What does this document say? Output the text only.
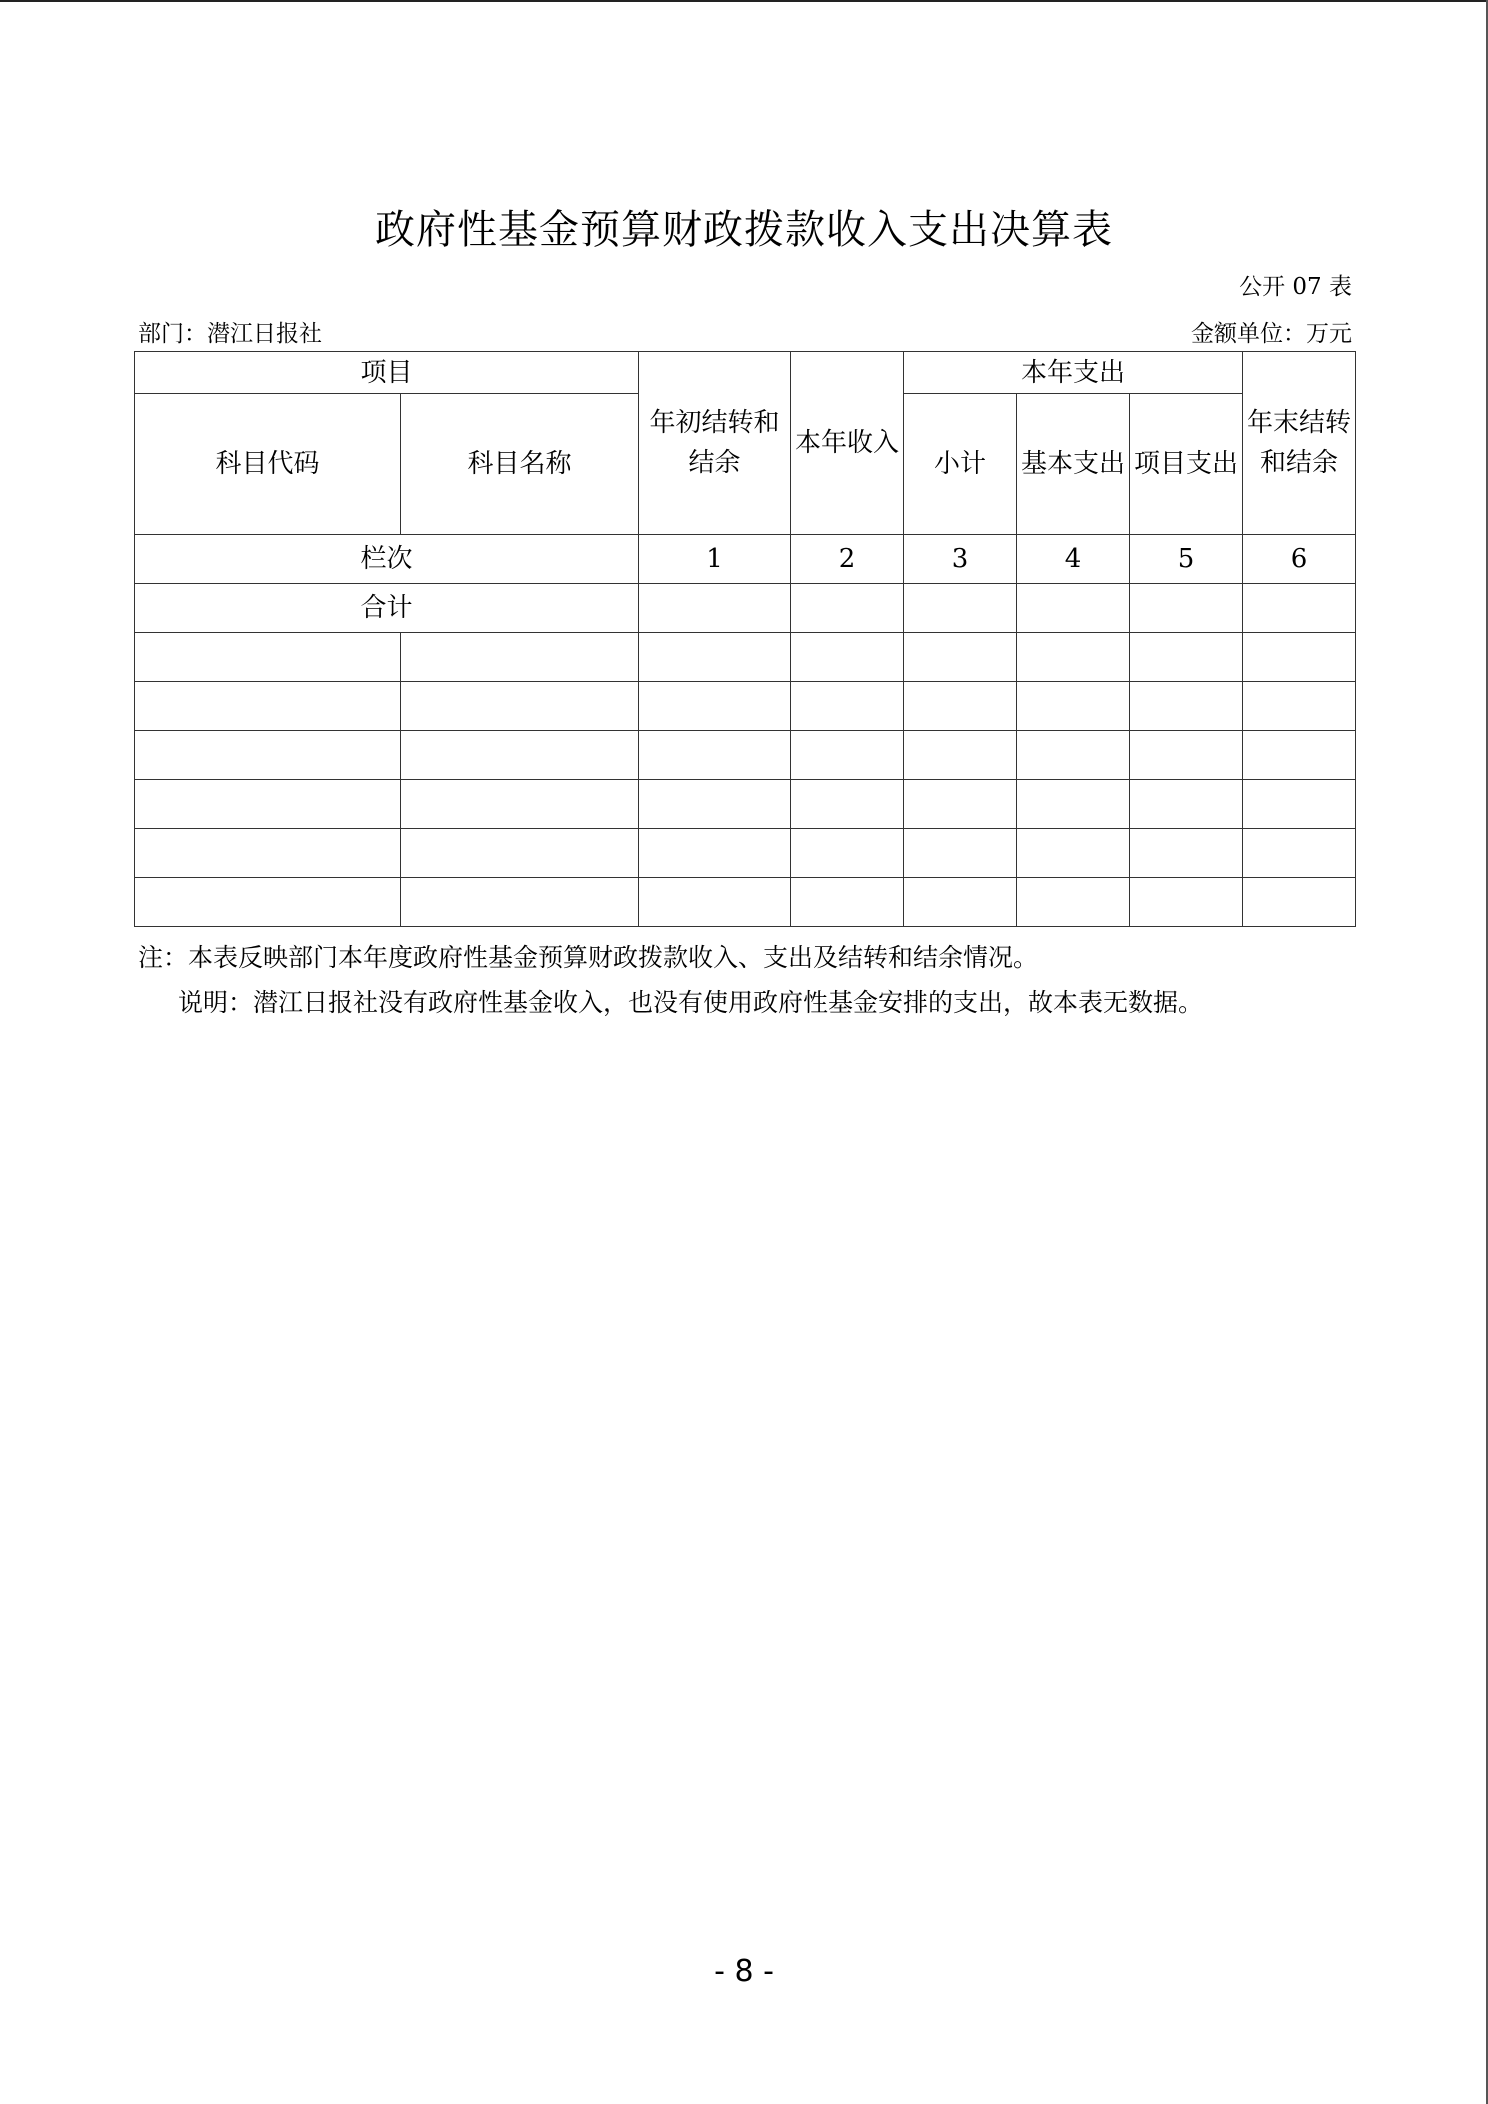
政府性基金预算财政拨款收入支出决算表
公开 07 表
部门：潜江日报社	金额单位：万元
项目		年初结转和结余	本年收入	本年支出			年末结转和结余
科目代码	科目名称			小计	基本支出	项目支出	
栏次		1	2	3	4	5	6
合计							

注：本表反映部门本年度政府性基金预算财政拨款收入、支出及结转和结余情况。
说明：潜江日报社没有政府性基金收入，也没有使用政府性基金安排的支出，故本表无数据。
- 8 -
